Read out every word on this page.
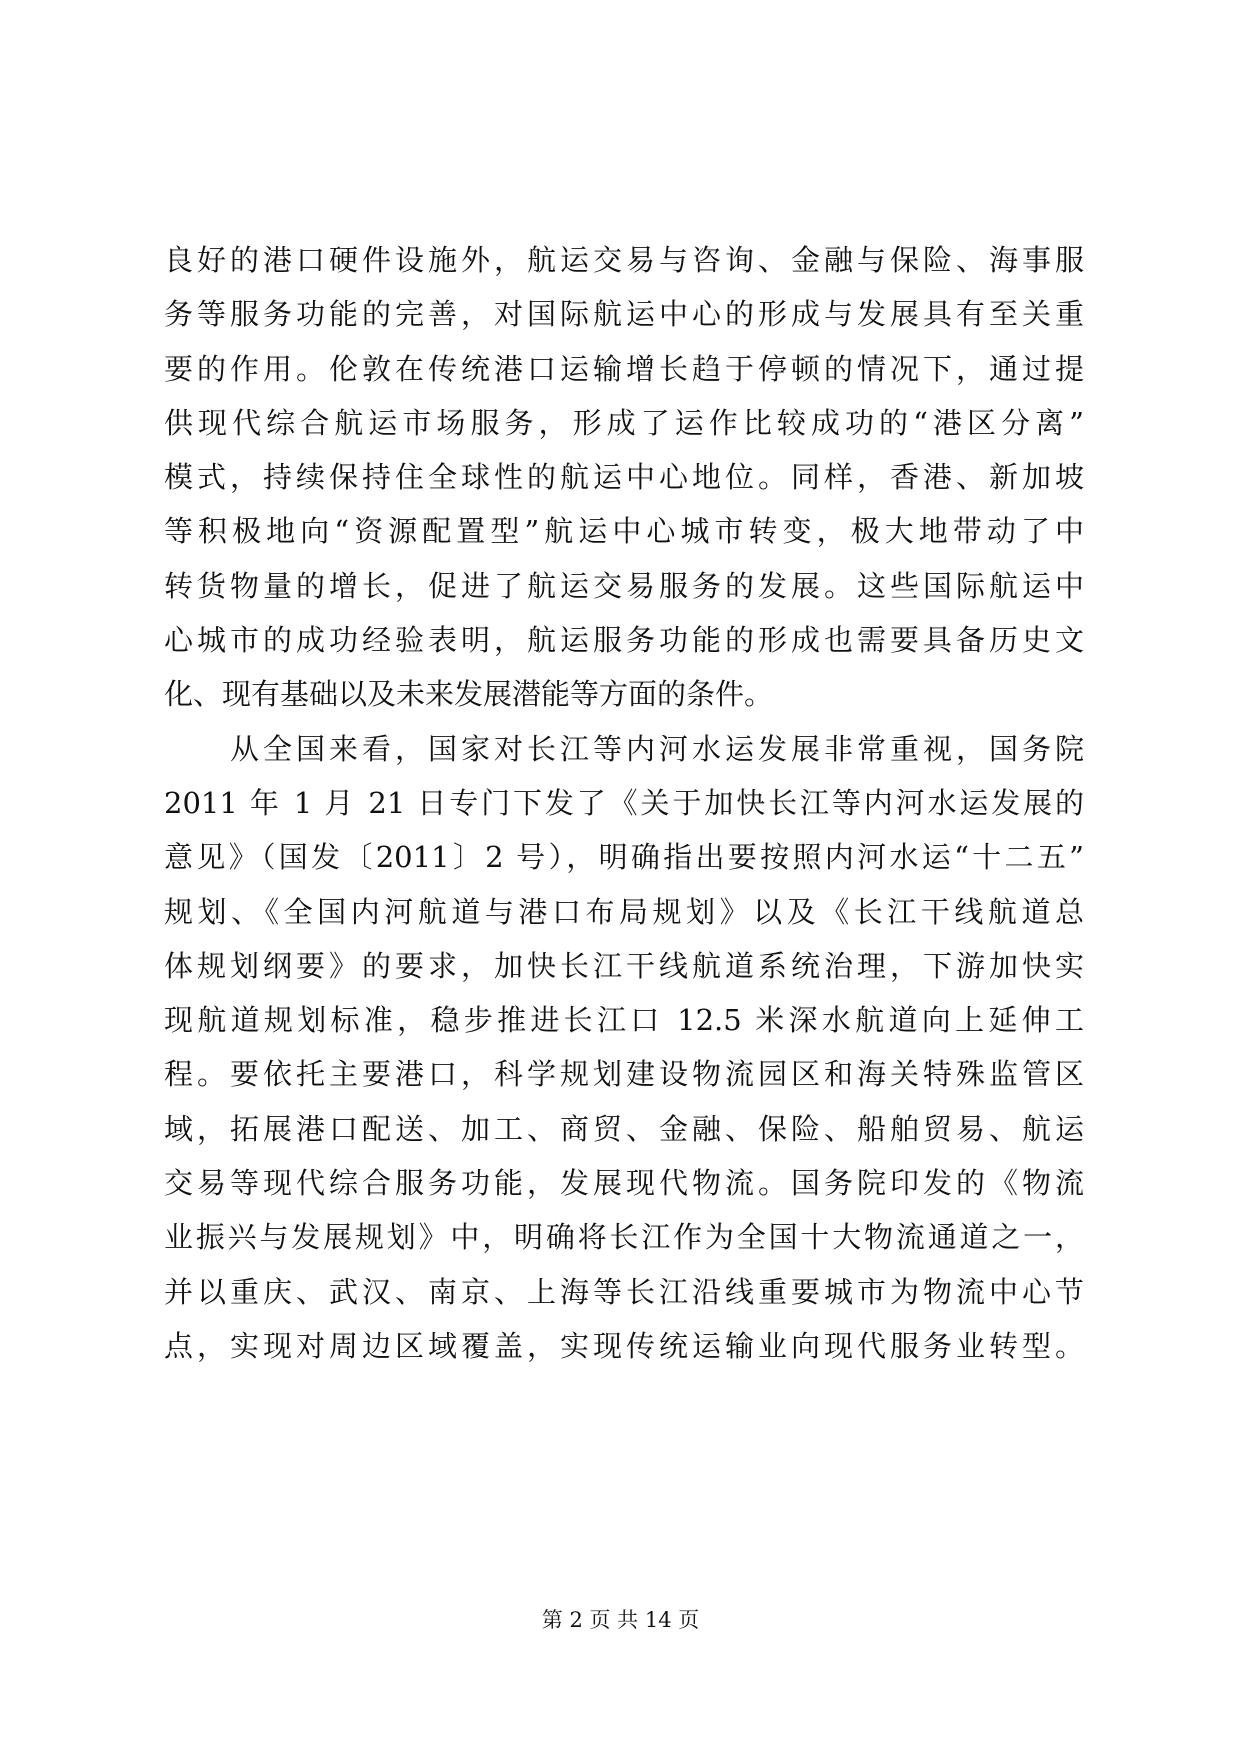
良好的港口硬件设施外，航运交易与咨询、金融与保险、海事服
务等服务功能的完善，对国际航运中心的形成与发展具有至关重
要的作用。伦敦在传统港口运输增长趋于停顿的情况下，通过提
供现代综合航运市场服务，形成了运作比较成功的“港区分离”
模式，持续保持住全球性的航运中心地位。同样，香港、新加坡
等积极地向“资源配置型”航运中心城市转变，极大地带动了中
转货物量的增长，促进了航运交易服务的发展。这些国际航运中
心城市的成功经验表明，航运服务功能的形成也需要具备历史文
化、现有基础以及未来发展潜能等方面的条件。
　　从全国来看，国家对长江等内河水运发展非常重视，国务院
2011 年 1 月 21 日专门下发了《关于加快长江等内河水运发展的
意见》（国发〔2011〕2 号），明确指出要按照内河水运“十二五”
规划、《全国内河航道与港口布局规划》以及《长江干线航道总
体规划纲要》的要求，加快长江干线航道系统治理，下游加快实
现航道规划标准，稳步推进长江口 12.5 米深水航道向上延伸工
程。要依托主要港口，科学规划建设物流园区和海关特殊监管区
域，拓展港口配送、加工、商贸、金融、保险、船舶贸易、航运
交易等现代综合服务功能，发展现代物流。国务院印发的《物流
业振兴与发展规划》中，明确将长江作为全国十大物流通道之一，
并以重庆、武汉、南京、上海等长江沿线重要城市为物流中心节
点，实现对周边区域覆盖，实现传统运输业向现代服务业转型。
第 2 页 共 14 页
